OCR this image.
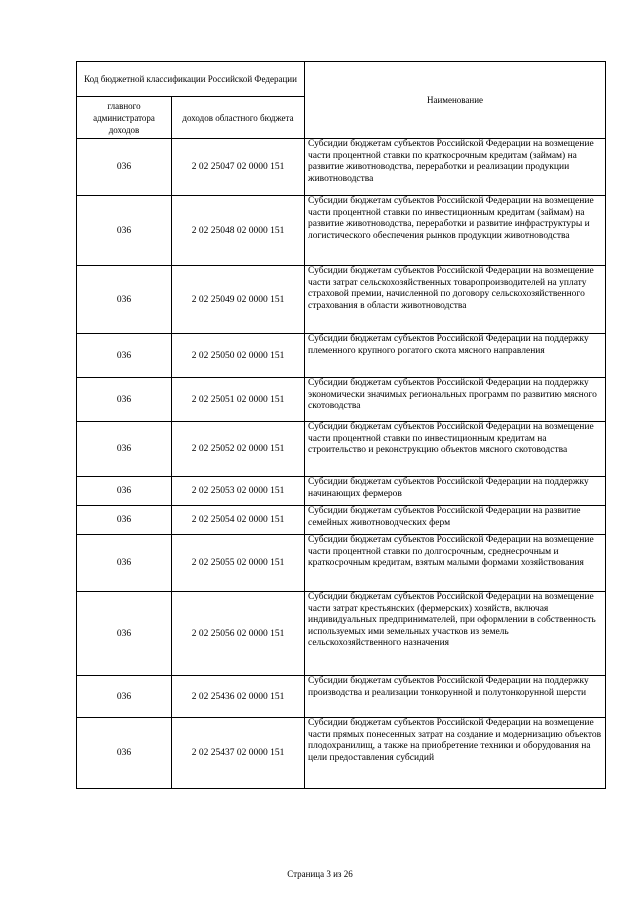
Код бюджетной классификации Российской Федерации		Наименование
главного администратора доходов	доходов областного бюджета	
036	2 02 25047 02 0000 151	Субсидии бюджетам субъектов Российской Федерации на возмещение части процентной ставки по краткосрочным кредитам (займам) на развитие животноводства, переработки и реализации продукции животноводства
036	2 02 25048 02 0000 151	Субсидии бюджетам субъектов Российской Федерации на возмещение части процентной ставки по инвестиционным кредитам (займам) на развитие животноводства, переработки и развитие инфраструктуры и логистического обеспечения рынков продукции животноводства
036	2 02 25049 02 0000 151	Субсидии бюджетам субъектов Российской Федерации на возмещение части затрат сельскохозяйственных товаропроизводителей на уплату страховой премии, начисленной по договору сельскохозяйственного страхования в области животноводства
036	2 02 25050 02 0000 151	Субсидии бюджетам субъектов Российской Федерации на поддержку племенного крупного рогатого скота мясного направления
036	2 02 25051 02 0000 151	Субсидии бюджетам субъектов Российской Федерации на поддержку экономически значимых региональных программ по развитию мясного скотоводства
036	2 02 25052 02 0000 151	Субсидии бюджетам субъектов Российской Федерации на возмещение части процентной ставки по инвестиционным кредитам на строительство и реконструкцию объектов мясного скотоводства
036	2 02 25053 02 0000 151	Субсидии бюджетам субъектов Российской Федерации на поддержку начинающих фермеров
036	2 02 25054 02 0000 151	Субсидии бюджетам субъектов Российской Федерации на развитие семейных животноводческих ферм
036	2 02 25055 02 0000 151	Субсидии бюджетам субъектов Российской Федерации на возмещение части процентной ставки по долгосрочным, среднесрочным и краткосрочным кредитам, взятым малыми формами хозяйствования
036	2 02 25056 02 0000 151	Субсидии бюджетам субъектов Российской Федерации на возмещение части затрат крестьянских (фермерских) хозяйств, включая индивидуальных предпринимателей, при оформлении в собственность используемых ими земельных участков из земель сельскохозяйственного назначения
036	2 02 25436 02 0000 151	Субсидии бюджетам субъектов Российской Федерации на поддержку производства и реализации тонкорунной и полутонкорунной шерсти
036	2 02 25437 02 0000 151	Субсидии бюджетам субъектов Российской Федерации на возмещение части прямых понесенных затрат на создание и модернизацию объектов плодохранилищ, а также на приобретение техники и оборудования на цели предоставления субсидий
Страница 3 из 26
